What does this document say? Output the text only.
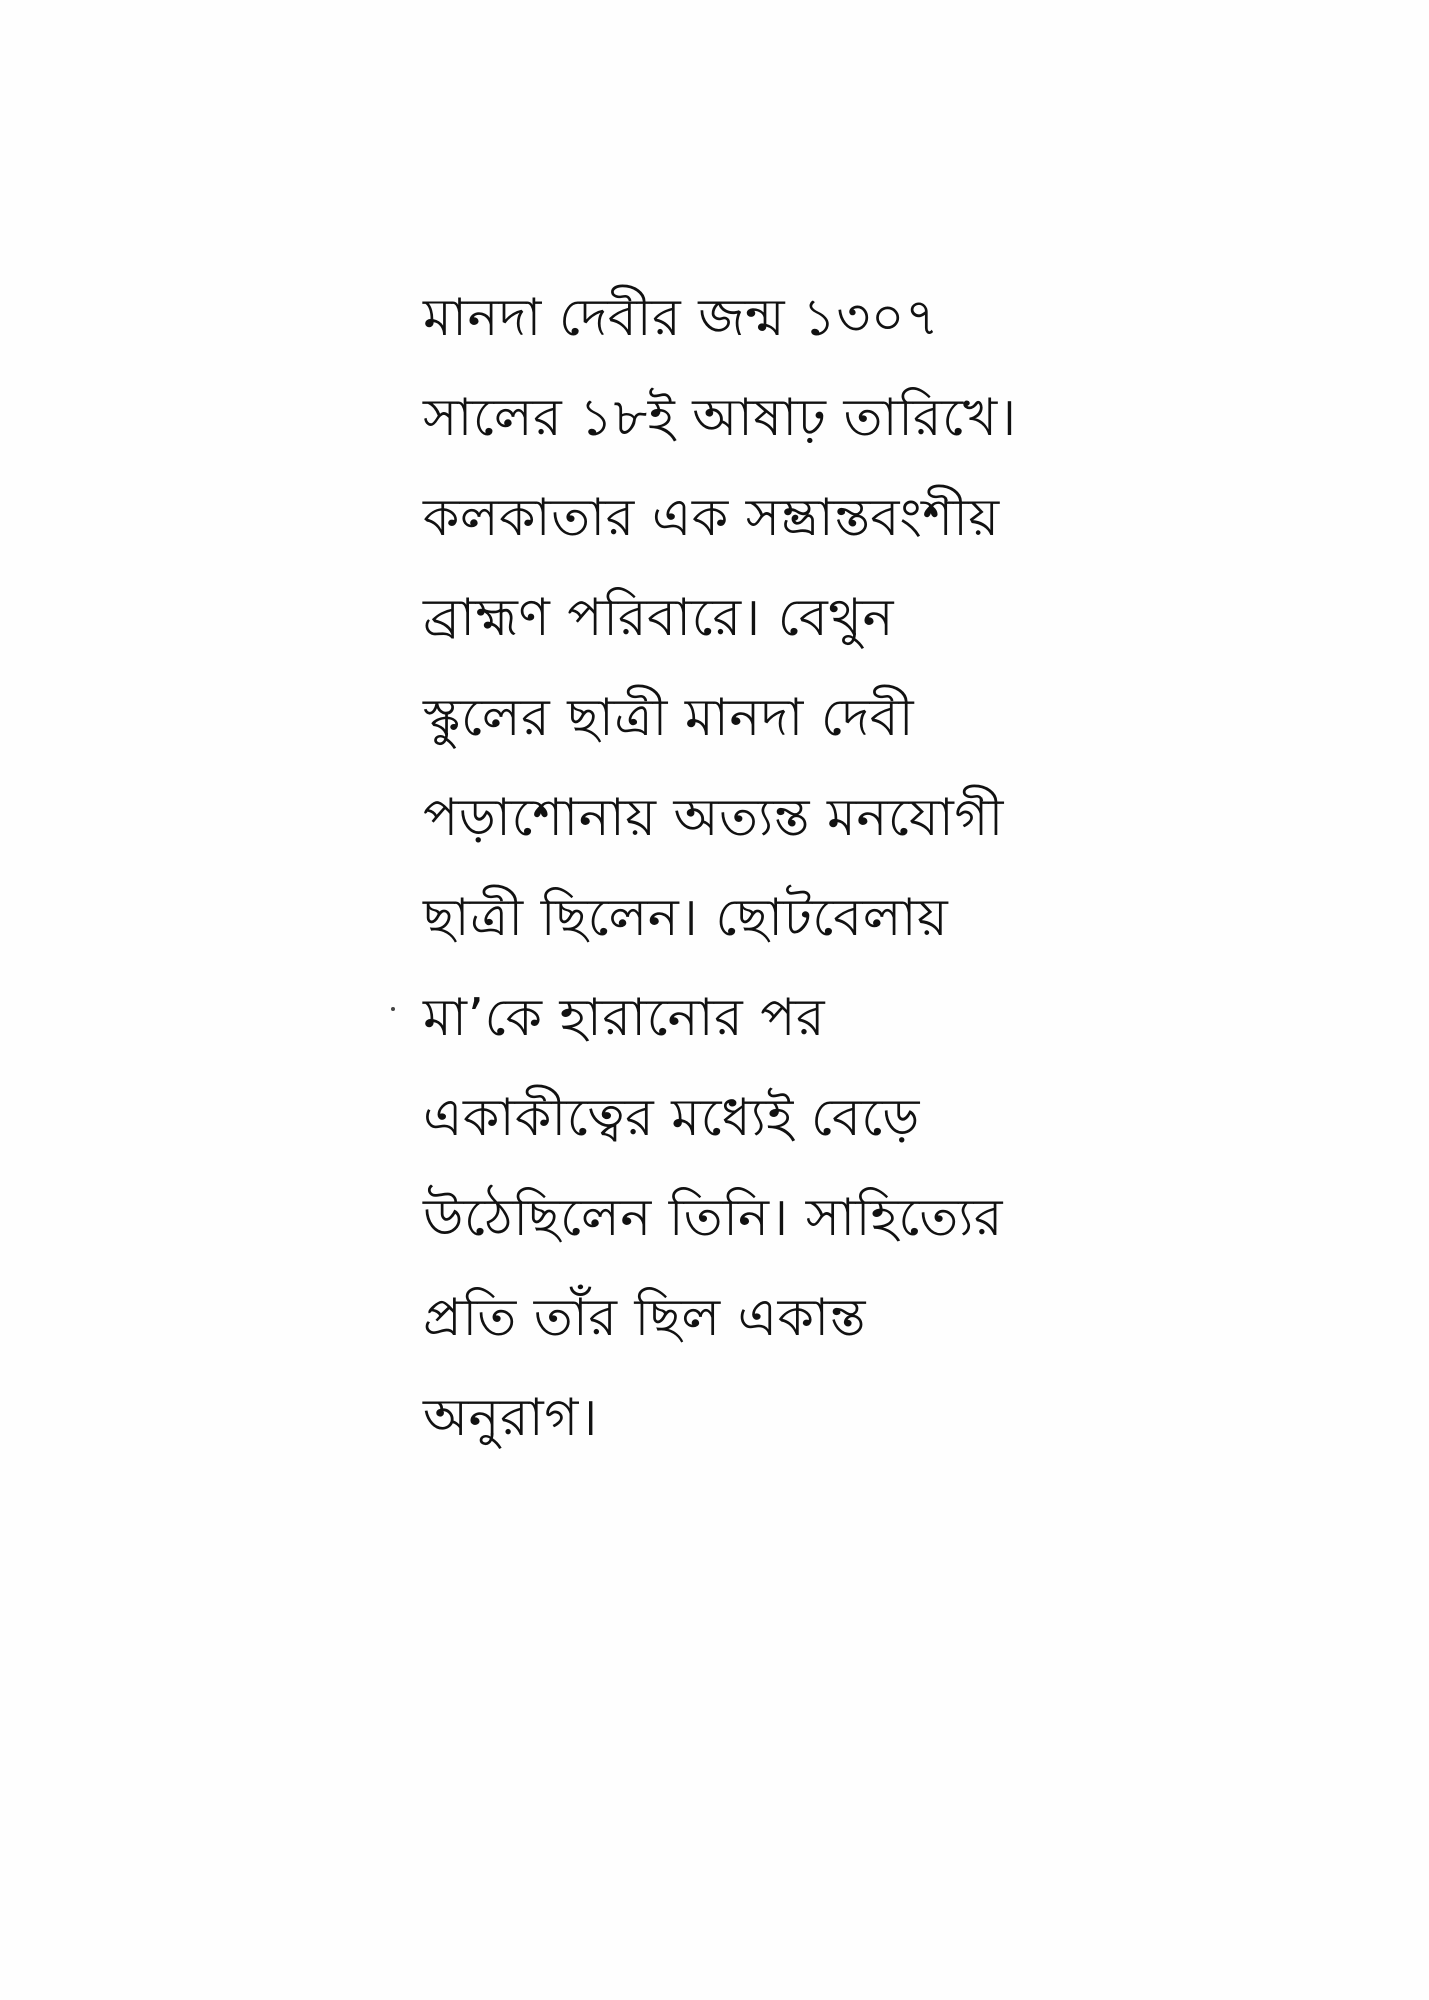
মানদা দেবীর জন্ম ১৩০৭
সালের ১৮ই আষাঢ় তারিখে।
কলকাতার এক সম্ভ্রান্তবংশীয়
ব্রাহ্মণ পরিবারে। বেথুন
স্কুলের ছাত্রী মানদা দেবী
পড়াশোনায় অত্যন্ত মনযোগী
ছাত্রী ছিলেন। ছোটবেলায়
মা’কে হারানোর পর
একাকীত্বের মধ্যেই বেড়ে
উঠেছিলেন তিনি। সাহিত্যের
প্রতি তাঁর ছিল একান্ত
অনুরাগ।
